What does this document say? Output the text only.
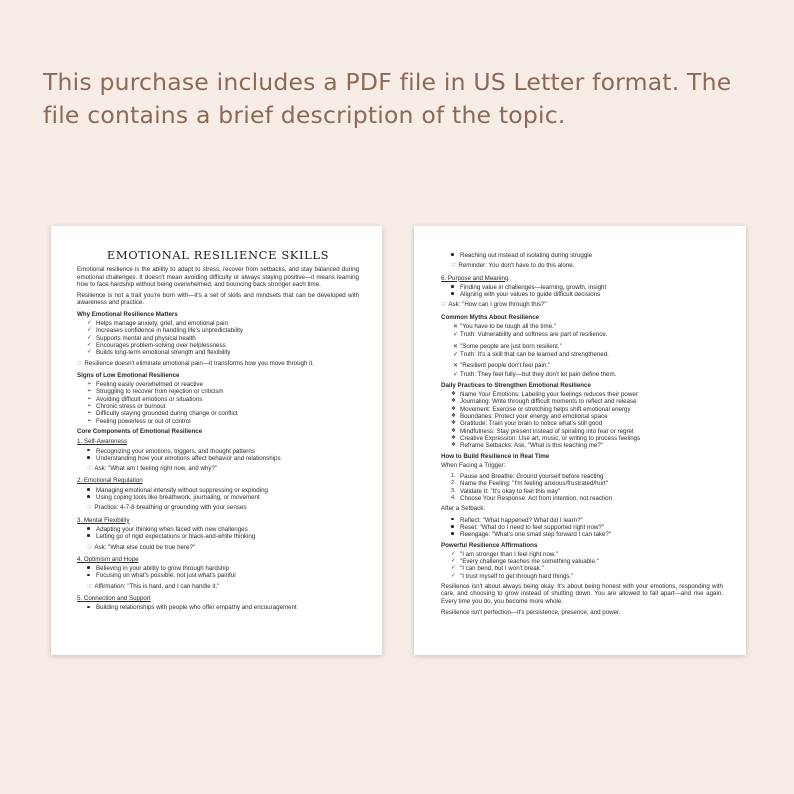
This purchase includes a PDF file in US Letter format. The file contains a brief description of the topic.
EMOTIONAL RESILIENCE SKILLS

Emotional resilience is the ability to adapt to stress, recover from setbacks, and stay balanced during emotional challenges. It doesn't mean avoiding difficulty or always staying positive—it means learning how to face hardship without being overwhelmed, and bouncing back stronger each time.

Resilience is not a trait you're born with—it's a set of skills and mindsets that can be developed with awareness and practice.

Why Emotional Resilience Matters
✓ Helps manage anxiety, grief, and emotional pain
✓ Increases confidence in handling life's unpredictability
✓ Supports mental and physical health
✓ Encourages problem-solving over helplessness
✓ Builds long-term emotional strength and flexibility
☞ Resilience doesn't eliminate emotional pain—it transforms how you move through it.
Signs of Low Emotional Resilience
➢ Feeling easily overwhelmed or reactive
➢ Struggling to recover from rejection or criticism
➢ Avoiding difficult emotions or situations
➢ Chronic stress or burnout
➢ Difficulty staying grounded during change or conflict
➢ Feeling powerless or out of control
Core Components of Emotional Resilience
1. Self-Awareness
Recognizing your emotions, triggers, and thought patterns
Understanding how your emotions affect behavior and relationships
☞ Ask: "What am I feeling right now, and why?"
2. Emotional Regulation
Managing emotional intensity without suppressing or exploding
Using coping tools like breathwork, journaling, or movement
☞ Practice: 4-7-8 breathing or grounding with your senses
3. Mental Flexibility
Adapting your thinking when faced with new challenges
Letting go of rigid expectations or black-and-white thinking
☞ Ask: "What else could be true here?"
4. Optimism and Hope
Believing in your ability to grow through hardship
Focusing on what's possible, not just what's painful
☞ Affirmation: "This is hard, and I can handle it."
5. Connection and Support
Building relationships with people who offer empathy and encouragement
Reaching out instead of isolating during struggle
☞ Reminder: You don't have to do this alone.
6. Purpose and Meaning
Finding value in challenges—learning, growth, insight
Aligning with your values to guide difficult decisions
☞ Ask: "How can I grow through this?"
Common Myths About Resilience
✕ "You have to be tough all the time."
✓ Truth: Vulnerability and softness are part of resilience.
✕ "Some people are just born resilient."
✓ Truth: It's a skill that can be learned and strengthened.
✕ "Resilient people don't feel pain."
✓ Truth: They feel fully—but they don't let pain define them.
Daily Practices to Strengthen Emotional Resilience
❖ Name Your Emotions: Labeling your feelings reduces their power
❖ Journaling: Write through difficult moments to reflect and release
❖ Movement: Exercise or stretching helps shift emotional energy
❖ Boundaries: Protect your energy and emotional space
❖ Gratitude: Train your brain to notice what's still good
❖ Mindfulness: Stay present instead of spiraling into fear or regret
❖ Creative Expression: Use art, music, or writing to process feelings
❖ Reframe Setbacks: Ask, "What is this teaching me?"
How to Build Resilience in Real Time
When Facing a Trigger:
1. Pause and Breathe: Ground yourself before reacting
2. Name the Feeling: "I'm feeling anxious/frustrated/hurt"
3. Validate It: "It's okay to feel this way"
4. Choose Your Response: Act from intention, not reaction
After a Setback:
Reflect: "What happened? What did I learn?"
Reset: "What do I need to feel supported right now?"
Reengage: "What's one small step forward I can take?"
Powerful Resilience Affirmations
✓ "I am stronger than I feel right now."
✓ "Every challenge teaches me something valuable."
✓ "I can bend, but I won't break."
✓ "I trust myself to get through hard things."

Resilience isn't about always being okay. It's about being honest with your emotions, responding with care, and choosing to grow instead of shutting down. You are allowed to fall apart—and rise again. Every time you do, you become more whole.

Resilience isn't perfection—it's persistence, presence, and power.
